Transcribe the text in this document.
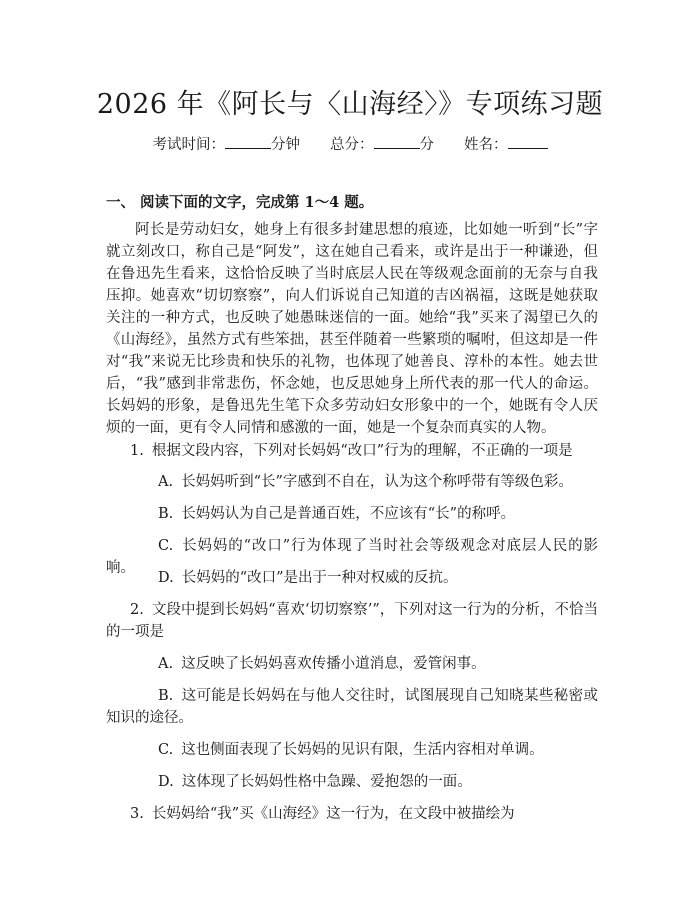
2026 年《阿长与〈山海经〉》专项练习题
考试时间：	分钟 总分：	分 姓名：
一、 阅读下面的文字，完成第 1～4 题。
阿长是劳动妇女，她身上有很多封建思想的痕迹，比如她一听到“长”字就立刻改口，称自己是“阿发”，这在她自己看来，或许是出于一种谦逊，但在鲁迅先生看来，这恰恰反映了当时底层人民在等级观念面前的无奈与自我压抑。她喜欢“切切察察”，向人们诉说自己知道的吉凶祸福，这既是她获取关注的一种方式，也反映了她愚昧迷信的一面。她给“我”买来了渴望已久的《山海经》，虽然方式有些笨拙，甚至伴随着一些繁琐的嘱咐，但这却是一件对“我”来说无比珍贵和快乐的礼物，也体现了她善良、淳朴的本性。她去世后，“我”感到非常悲伤，怀念她，也反思她身上所代表的那一代人的命运。长妈妈的形象，是鲁迅先生笔下众多劳动妇女形象中的一个，她既有令人厌烦的一面，更有令人同情和感激的一面，她是一个复杂而真实的人物。
1. 根据文段内容，下列对长妈妈“改口”行为的理解，不正确的一项是
A. 长妈妈听到“长”字感到不自在，认为这个称呼带有等级色彩。
B. 长妈妈认为自己是普通百姓，不应该有“长”的称呼。
C. 长妈妈的“改口”行为体现了当时社会等级观念对底层人民的影响。
D. 长妈妈的“改口”是出于一种对权威的反抗。
2. 文段中提到长妈妈“喜欢‘切切察察’”，下列对这一行为的分析，不恰当的一项是
A. 这反映了长妈妈喜欢传播小道消息，爱管闲事。
B. 这可能是长妈妈在与他人交往时，试图展现自己知晓某些秘密或知识的途径。
C. 这也侧面表现了长妈妈的见识有限，生活内容相对单调。
D. 这体现了长妈妈性格中急躁、爱抱怨的一面。
3. 长妈妈给“我”买《山海经》这一行为，在文段中被描绘为
